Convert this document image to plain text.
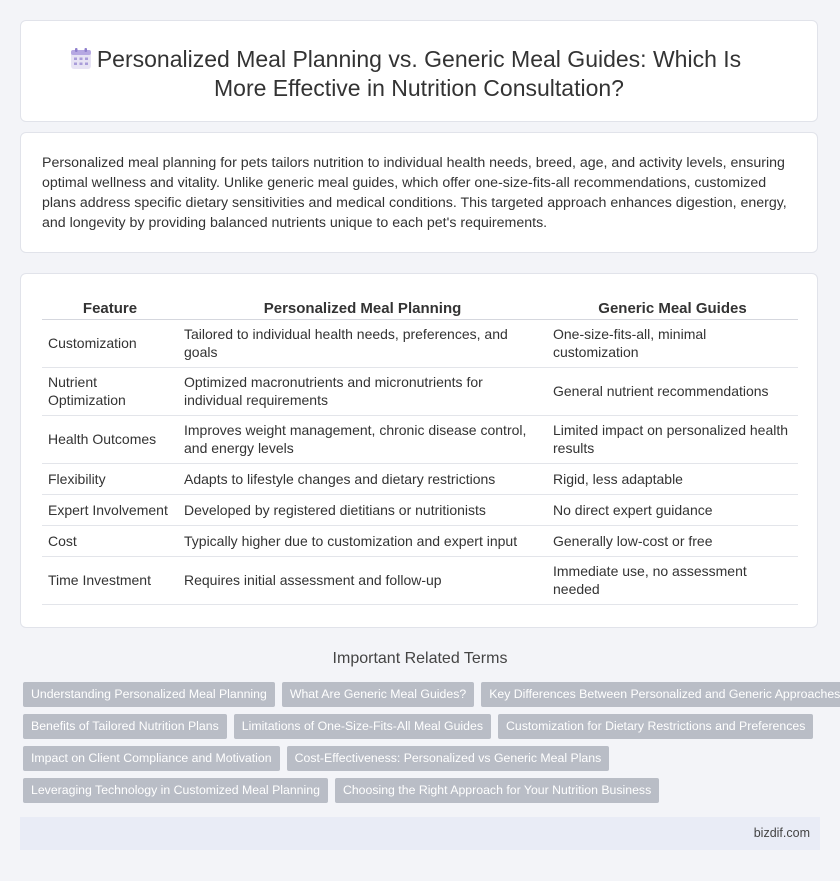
Personalized Meal Planning vs. Generic Meal Guides: Which Is More Effective in Nutrition Consultation?

Personalized meal planning for pets tailors nutrition to individual health needs, breed, age, and activity levels, ensuring optimal wellness and vitality. Unlike generic meal guides, which offer one-size-fits-all recommendations, customized plans address specific dietary sensitivities and medical conditions. This targeted approach enhances digestion, energy, and longevity by providing balanced nutrients unique to each pet's requirements.

Feature	Personalized Meal Planning	Generic Meal Guides
Customization	Tailored to individual health needs, preferences, and goals	One-size-fits-all, minimal customization
Nutrient Optimization	Optimized macronutrients and micronutrients for individual requirements	General nutrient recommendations
Health Outcomes	Improves weight management, chronic disease control, and energy levels	Limited impact on personalized health results
Flexibility	Adapts to lifestyle changes and dietary restrictions	Rigid, less adaptable
Expert Involvement	Developed by registered dietitians or nutritionists	No direct expert guidance
Cost	Typically higher due to customization and expert input	Generally low-cost or free
Time Investment	Requires initial assessment and follow-up	Immediate use, no assessment needed
Important Related Terms
Understanding Personalized Meal Planning	What Are Generic Meal Guides?	Key Differences Between Personalized and Generic Approaches
Benefits of Tailored Nutrition Plans	Limitations of One-Size-Fits-All Meal Guides	Customization for Dietary Restrictions and Preferences
Impact on Client Compliance and Motivation	Cost-Effectiveness: Personalized vs Generic Meal Plans
Leveraging Technology in Customized Meal Planning	Choosing the Right Approach for Your Nutrition Business
bizdif.com
